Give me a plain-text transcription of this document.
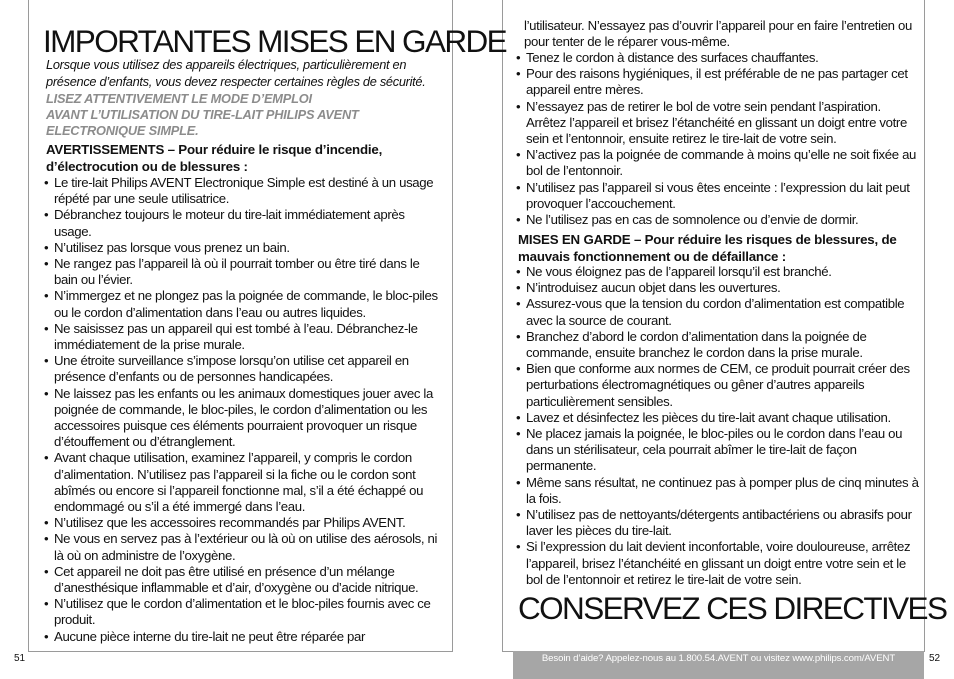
IMPORTANTES MISES EN GARDE

Lorsque vous utilisez des appareils électriques, particulièrement en présence d’enfants, vous devez respecter certaines règles de sécurité.

LISEZ ATTENTIVEMENT LE MODE D’EMPLOI
AVANT L’UTILISATION DU TIRE-LAIT PHILIPS AVENT ELECTRONIQUE SIMPLE.

AVERTISSEMENTS – Pour réduire le risque d’incendie, d’électrocution ou de blessures :

• Le tire-lait Philips AVENT Electronique Simple est destiné à un usage répété par une seule utilisatrice.
• Débranchez toujours le moteur du tire-lait immédiatement après usage.
• N’utilisez pas lorsque vous prenez un bain.
• Ne rangez pas l’appareil là où il pourrait tomber ou être tiré dans le bain ou l’évier.
• N’immergez et ne plongez pas la poignée de commande, le bloc-piles ou le cordon d’alimentation dans l’eau ou autres liquides.
• Ne saisissez pas un appareil qui est tombé à l’eau. Débranchez-le immédiatement de la prise murale.
• Une étroite surveillance s’impose lorsqu’on utilise cet appareil en présence d’enfants ou de personnes handicapées.
• Ne laissez pas les enfants ou les animaux domestiques jouer avec la poignée de commande, le bloc-piles, le cordon d’alimentation ou les accessoires puisque ces éléments pourraient provoquer un risque d’étouffement ou d’étranglement.
• Avant chaque utilisation, examinez l’appareil, y compris le cordon d’alimentation. N’utilisez pas l’appareil si la fiche ou le cordon sont abîmés ou encore si l’appareil fonctionne mal, s’il a été échappé ou endommagé ou s’il a été immergé dans l’eau.
• N’utilisez que les accessoires recommandés par Philips AVENT.
• Ne vous en servez pas à l’extérieur ou là où on utilise des aérosols, ni là où on administre de l’oxygène.
• Cet appareil ne doit pas être utilisé en présence d’un mélange d’anesthésique inflammable et d’air, d’oxygène ou d’acide nitrique.
• N’utilisez que le cordon d’alimentation et le bloc-piles fournis avec ce produit.
• Aucune pièce interne du tire-lait ne peut être réparée par
51

l’utilisateur. N’essayez pas d’ouvrir l’appareil pour en faire l’entretien ou pour tenter de le réparer vous-même.

• Tenez le cordon à distance des surfaces chauffantes.
• Pour des raisons hygiéniques, il est préférable de ne pas partager cet appareil entre mères.
• N’essayez pas de retirer le bol de votre sein pendant l’aspiration. Arrêtez l’appareil et brisez l’étanchéité en glissant un doigt entre votre sein et l’entonnoir, ensuite retirez le tire-lait de votre sein.
• N’activez pas la poignée de commande à moins qu’elle ne soit fixée au bol de l’entonnoir.
• N’utilisez pas l’appareil si vous êtes enceinte : l’expression du lait peut provoquer l’accouchement.
• Ne l’utilisez pas en cas de somnolence ou d’envie de dormir.

MISES EN GARDE – Pour réduire les risques de blessures, de mauvais fonctionnement ou de défaillance :

• Ne vous éloignez pas de l’appareil lorsqu’il est branché.
• N’introduisez aucun objet dans les ouvertures.
• Assurez-vous que la tension du cordon d’alimentation est compatible avec la source de courant.
• Branchez d’abord le cordon d’alimentation dans la poignée de commande, ensuite branchez le cordon dans la prise murale.
• Bien que conforme aux normes de CEM, ce produit pourrait créer des perturbations électromagnétiques ou gêner d’autres appareils particulièrement sensibles.
• Lavez et désinfectez les pièces du tire-lait avant chaque utilisation.
• Ne placez jamais la poignée, le bloc-piles ou le cordon dans l’eau ou dans un stérilisateur, cela pourrait abîmer le tire-lait de façon permanente.
• Même sans résultat, ne continuez pas à pomper plus de cinq minutes à la fois.
• N’utilisez pas de nettoyants/détergents antibactériens ou abrasifs pour laver les pièces du tire-lait.
• Si l’expression du lait devient inconfortable, voire douloureuse, arrêtez l’appareil, brisez l’étanchéité en glissant un doigt entre votre sein et le bol de l’entonnoir et retirez le tire-lait de votre sein.
CONSERVEZ CES DIRECTIVES
Besoin d’aide? Appelez-nous au 1.800.54.AVENT ou visitez www.philips.com/AVENT	52
